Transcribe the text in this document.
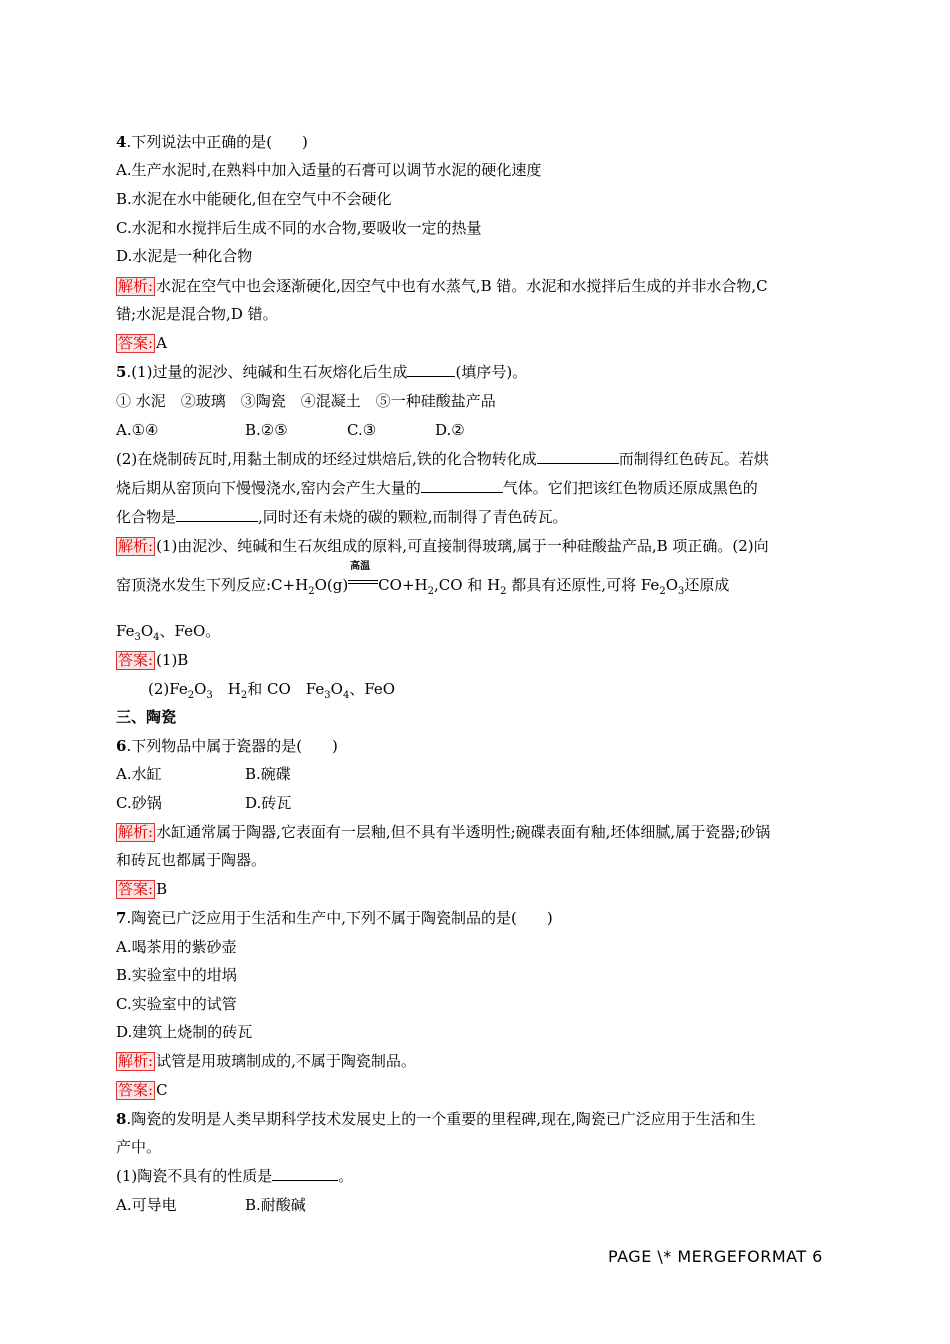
4.下列说法中正确的是(　　)
A.生产水泥时,在熟料中加入适量的石膏可以调节水泥的硬化速度
B.水泥在水中能硬化,但在空气中不会硬化
C.水泥和水搅拌后生成不同的水合物,要吸收一定的热量
D.水泥是一种化合物
解析: 水泥在空气中也会逐渐硬化,因空气中也有水蒸气,B 错。水泥和水搅拌后生成的并非水合物,C
错;水泥是混合物,D 错。
答案: A
5.(1)过量的泥沙、纯碱和生石灰熔化后生成	(填序号)。
① 水泥　②玻璃　③陶瓷　④混凝土　⑤一种硅酸盐产品
A.①④	B.②⑤	C.③	D.②
(2)在烧制砖瓦时,用黏土制成的坯经过烘焙后,铁的化合物转化成	而制得红色砖瓦。若烘
烧后期从窑顶向下慢慢浇水,窑内会产生大量的	气体。它们把该红色物质还原成黑色的
化合物是	,同时还有未烧的碳的颗粒,而制得了青色砖瓦。
解析: (1)由泥沙、纯碱和生石灰组成的原料,可直接制得玻璃,属于一种硅酸盐产品,B 项正确。(2)向
窑顶浇水发生下列反应$:C+H_2O(g)$
高温
$CO+H_2,CO$ 和 $H_2$ 都具有还原性,可将 $Fe_2O_3$还原成
$Fe_3O_4$、FeO。
答案: (1)B
$(2)Fe_2O_3$　$H_2$和 CO　$Fe_3O_4$、FeO
三、陶瓷
6.下列物品中属于瓷器的是(　　)
A.水缸	B.碗碟
C.砂锅	D.砖瓦
解析: 水缸通常属于陶器,它表面有一层釉,但不具有半透明性;碗碟表面有釉,坯体细腻,属于瓷器;砂锅
和砖瓦也都属于陶器。
答案: B
7.陶瓷已广泛应用于生活和生产中,下列不属于陶瓷制品的是(　　)
A.喝茶用的紫砂壶
B.实验室中的坩埚
C.实验室中的试管
D.建筑上烧制的砖瓦
解析: 试管是用玻璃制成的,不属于陶瓷制品。
答案: C
8.陶瓷的发明是人类早期科学技术发展史上的一个重要的里程碑,现在,陶瓷已广泛应用于生活和生
产中。
(1)陶瓷不具有的性质是	。
A.可导电	B.耐酸碱
PAGE \* MERGEFORMAT 6
